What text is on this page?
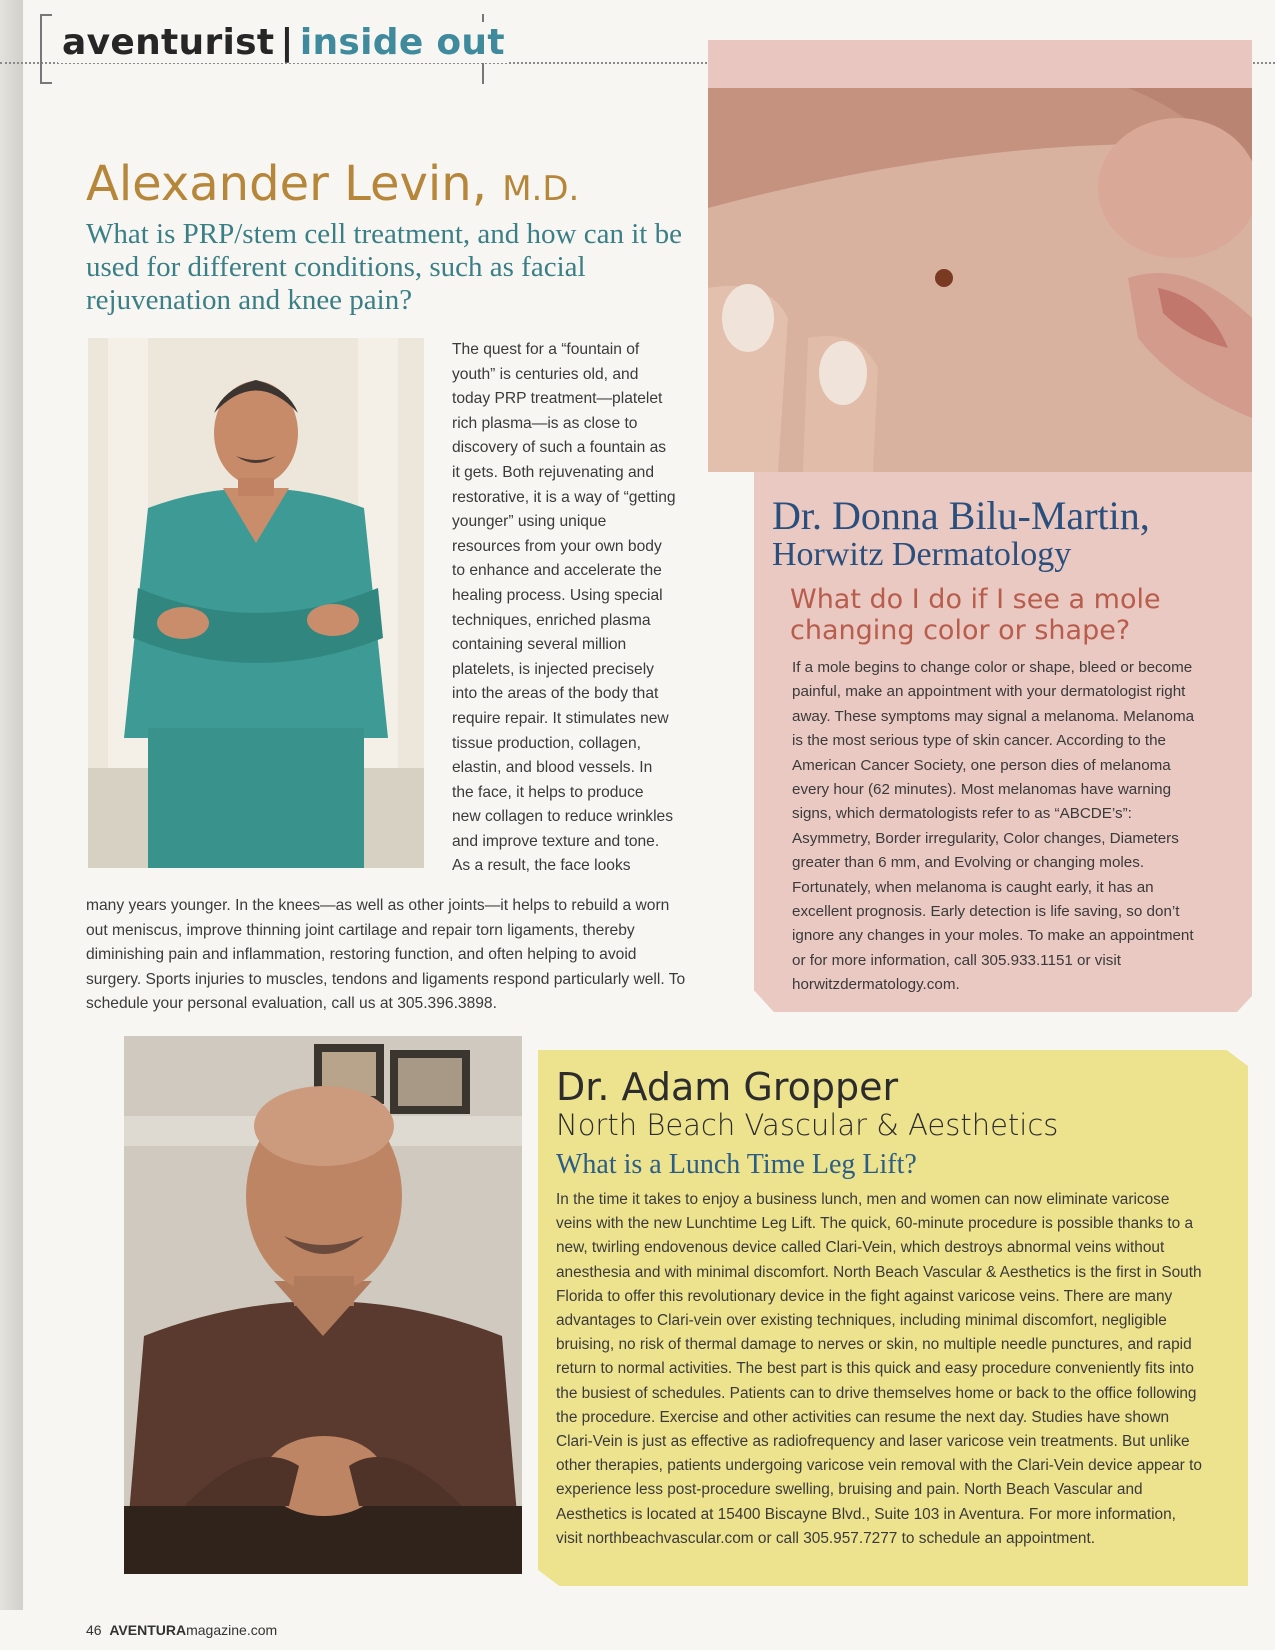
aventurist | inside out
Alexander Levin, M.D.
What is PRP/stem cell treatment, and how can it be used for different conditions, such as facial rejuvenation and knee pain?
The quest for a “fountain of youth” is centuries old, and today PRP treatment—platelet rich plasma—is as close to discovery of such a fountain as it gets. Both rejuvenating and restorative, it is a way of “getting younger” using unique resources from your own body to enhance and accelerate the healing process. Using special techniques, enriched plasma containing several million platelets, is injected precisely into the areas of the body that require repair. It stimulates new tissue production, collagen, elastin, and blood vessels. In the face, it helps to produce new collagen to reduce wrinkles and improve texture and tone. As a result, the face looks
many years younger. In the knees—as well as other joints—it helps to rebuild a worn out meniscus, improve thinning joint cartilage and repair torn ligaments, thereby diminishing pain and inflammation, restoring function, and often helping to avoid surgery. Sports injuries to muscles, tendons and ligaments respond particularly well. To schedule your personal evaluation, call us at 305.396.3898.
Dr. Donna Bilu-Martin,
Horwitz Dermatology
What do I do if I see a mole changing color or shape?
If a mole begins to change color or shape, bleed or become painful, make an appointment with your dermatologist right away. These symptoms may signal a melanoma. Melanoma is the most serious type of skin cancer. According to the American Cancer Society, one person dies of melanoma every hour (62 minutes). Most melanomas have warning signs, which dermatologists refer to as “ABCDE’s”: Asymmetry, Border irregularity, Color changes, Diameters greater than 6 mm, and Evolving or changing moles. Fortunately, when melanoma is caught early, it has an excellent prognosis. Early detection is life saving, so don’t ignore any changes in your moles. To make an appointment or for more information, call 305.933.1151 or visit horwitzdermatology.com.
Dr. Adam Gropper
North Beach Vascular & Aesthetics
What is a Lunch Time Leg Lift?
In the time it takes to enjoy a business lunch, men and women can now eliminate varicose veins with the new Lunchtime Leg Lift. The quick, 60-minute procedure is possible thanks to a new, twirling endovenous device called Clari-Vein, which destroys abnormal veins without anesthesia and with minimal discomfort. North Beach Vascular & Aesthetics is the first in South Florida to offer this revolutionary device in the fight against varicose veins. There are many advantages to Clari-vein over existing techniques, including minimal discomfort, negligible bruising, no risk of thermal damage to nerves or skin, no multiple needle punctures, and rapid return to normal activities. The best part is this quick and easy procedure conveniently fits into the busiest of schedules. Patients can to drive themselves home or back to the office following the procedure. Exercise and other activities can resume the next day. Studies have shown Clari-Vein is just as effective as radiofrequency and laser varicose vein treatments. But unlike other therapies, patients undergoing varicose vein removal with the Clari-Vein device appear to experience less post-procedure swelling, bruising and pain. North Beach Vascular and Aesthetics is located at 15400 Biscayne Blvd., Suite 103 in Aventura. For more information, visit northbeachvascular.com or call 305.957.7277 to schedule an appointment.
46 AVENTURAmagazine.com
